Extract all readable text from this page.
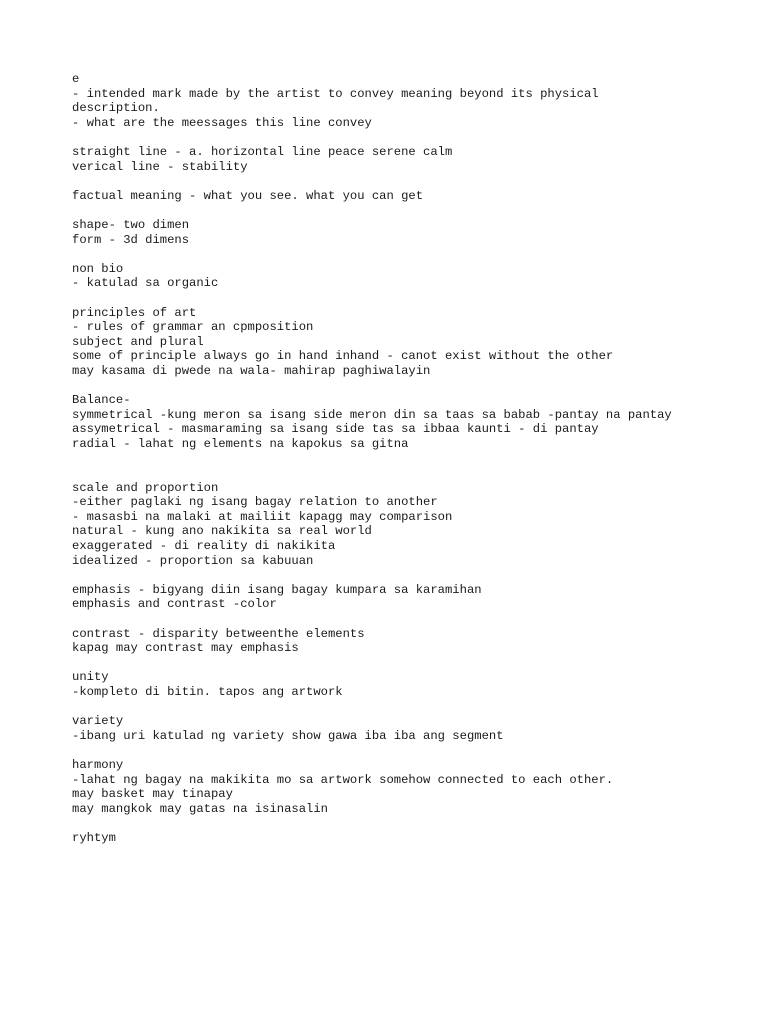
e
- intended mark made by the artist to convey meaning beyond its physical
description.
- what are the meessages this line convey
straight line - a. horizontal line peace serene calm
verical line - stability
factual meaning - what you see. what you can get
shape- two dimen
form - 3d dimens
non bio
- katulad sa organic
principles of art
- rules of grammar an cpmposition
subject and plural
some of principle always go in hand inhand - canot exist without the other
may kasama di pwede na wala- mahirap paghiwalayin
Balance-
symmetrical -kung meron sa isang side meron din sa taas sa babab -pantay na pantay
assymetrical - masmaraming sa isang side tas sa ibbaa kaunti - di pantay
radial - lahat ng elements na kapokus sa gitna
scale and proportion
-either paglaki ng isang bagay relation to another
- masasbi na malaki at mailiit kapagg may comparison
natural - kung ano nakikita sa real world
exaggerated - di reality di nakikita
idealized - proportion sa kabuuan
emphasis - bigyang diin isang bagay kumpara sa karamihan
emphasis and contrast -color
contrast - disparity betweenthe elements
kapag may contrast may emphasis
unity
-kompleto di bitin. tapos ang artwork
variety
-ibang uri katulad ng variety show gawa iba iba ang segment
harmony
-lahat ng bagay na makikita mo sa artwork somehow connected to each other.
may basket may tinapay
may mangkok may gatas na isinasalin
ryhtym
